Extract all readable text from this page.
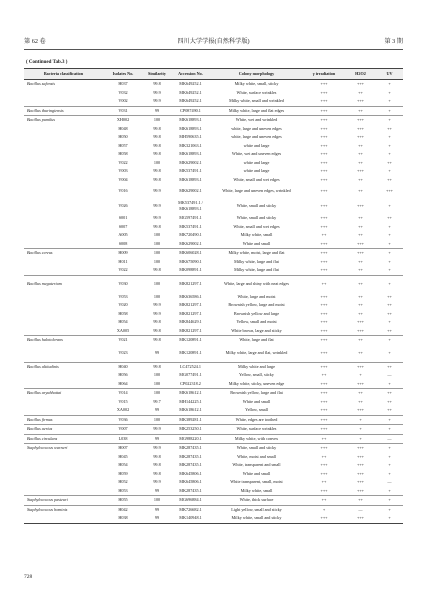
第 62 卷	四川大学学报(自然科学版)	第 3 期
( Continued Tab.3 )
Bacteria classification	Isolates No.	Similarity	Accession No.	Colony morphology	γ irradiation	H2O2	UV
Bacillus safensis	H037	99.8	MK649252.1	Milky white, small, sticky	+++	+++	+
	V032	99.9	MK649252.1	White, surface wrinkles	+++	++	+
	V002	99.9	MK649252.1	Milky white, small and wrinkled	+++	+++	+
Bacillus thuringiensis	V031	99	CP087490.1	Milky white, large and flat edges	+++	++	+
Bacillus pumilus	XH002	100	MK618893.1	White, wet and wrinkled	+++	+++	+
	H048	99.8	MK618893.1	white, large and uneven edges	+++	+++	++
	H050	99.8	MH590635.1	white, large and uneven edges	+++	+++	+
	H057	99.8	MK321063.1	white and large	+++	++	+
	H058	99.8	MK618893.1	White, wet and uneven edges	+++	++	+
	V022	100	MK629002.1	white and large	+++	++	++
	V003	99.8	MK537491.1	white and large	+++	+++	+
	V004	99.8	MK618893.1	White, small and wet edges	+++	++	++
	V016	99.9	MK629002.1	White, large and uneven edges, wrinkled	+++	++	+++
	V026	99.9	MK537491.1 / MK618893.1	White, small and sticky	+++	+++	+
	S001	99.9	MG597491.1	White, small and sticky	+++	++	++
	S007	99.8	MK537491.1	White, small and wet edges	+++	++	+
	A005	100	MK720490.1	Milky white, small	++	++	+
	S008	100	MK629002.1	White and small	+++	+++	+
Bacillus cereus	H009	100	MK606028.1	Milky white, moist, large and flat	+++	+++	+
	H011	100	MK675090.1	Milky white, large and flat	+++	++	+
	V022	99.8	MK098891.1	Milky white, large and flat	+++	++	+
Bacillus megaterium	V030	100	MK821297.1	White, large and shiny with neat edges	++	++	+
	V053	100	MK636586.1	White, large and moist	+++	++	++
	V020	99.9	MK821297.1	Brownish yellow, large and moist	+++	++	++
	H058	99.9	MK821297.1	Brownish yellow and large	+++	++	++
	H054	99.8	MK844629.1	Yellow, small and moist	+++	+++	+
	XA005	99.8	MK821297.1	White brown, large and sticky	+++	+++	++
Bacillus halotolerans	V021	99.8	MK120891.1	White, large and flat	+++	++	+
	V023	99	MK120891.1	Milky white, large and flat, wrinkled	+++	++	+
Bacillus altitudinis	H040	99.8	LC472524.1	Milky white and large	+++	+++	++
	H056	100	MG077491.1	Yellow, small, sticky	++	+	—
	H064	100	CP022318.2	Milky white, sticky, uneven edge	+++	+++	+
Bacillus aryabhattai	V014	100	MK618612.1	Brownish yellow, large and flat	+++	++	++
	V015	99.7	MH144225.1	White and small	+++	++	++
	XA002	99	MK618612.1	Yellow, small	+++	+++	++
Bacillus firmus	V036	100	MK389281.1	White, edges are toothed	+++	+	+
Bacillus aerius	V007	99.9	MK253250.1	White, surface wrinkles	+++	+	+
Bacillus circulans	L038	99	MG988220.1	Milky white, with convex	++	+	—
Staphylococcus warneri	H007	99.9	MK287435.1	White, small and sticky	+++	+++	+
	H045	99.8	MK287435.1	White, moist and small	++	+++	+
	H054	99.8	MK287435.1	White, transparent and small	+++	+++	+
	H059	99.8	MK645806.1	White and small	+++	+++	+
	H052	99.9	MK645806.1	White transparent, small, moist	++	+++	—
	H053	99	MK287435.1	Milky white, small	+++	+++	+
Staphylococcus pasteuri	H055	100	MG696884.1	White, thick surface	++	++	+
Staphylococcus hominis	H042	99	MK726682.1	Light yellow, small and sticky	+	—	+
	H038	99	MK140948.1	Milky white, small and sticky	+++	+++	+
728
